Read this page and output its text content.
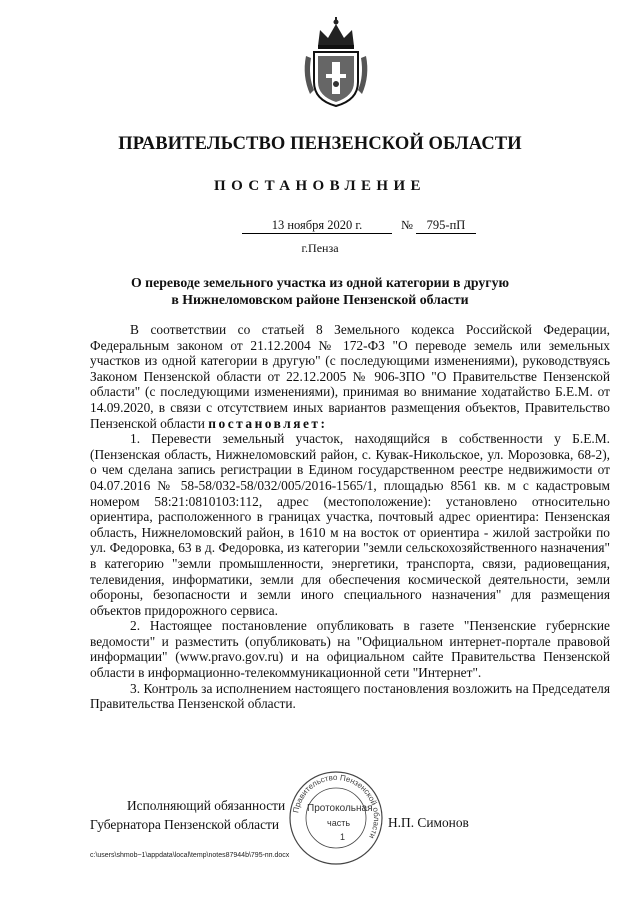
ПРАВИТЕЛЬСТВО ПЕНЗЕНСКОЙ ОБЛАСТИ
ПОСТАНОВЛЕНИЕ
13 ноября 2020 г.	№	795-пП
г.Пенза
О переводе земельного участка из одной категории в другую
в Нижнеломовском районе Пензенской области

В соответствии со статьей 8 Земельного кодекса Российской Федерации, Федеральным законом от 21.12.2004 № 172-ФЗ "О переводе земель или земельных участков из одной категории в другую" (с последующими изменениями), руководствуясь Законом Пензенской области от 22.12.2005 № 906-ЗПО "О Правительстве Пензенской области" (с последующими изменениями), принимая во внимание ходатайство Б.Е.М. от 14.09.2020, в связи с отсутствием иных вариантов размещения объектов, Правительство Пензенской области постановляет:

1. Перевести земельный участок, находящийся в собственности у Б.Е.М. (Пензенская область, Нижнеломовский район, с. Кувак-Никольское, ул. Морозовка, 68-2), о чем сделана запись регистрации в Едином государственном реестре недвижимости от 04.07.2016 № 58-58/032-58/032/005/2016-1565/1, площадью 8561 кв. м с кадастровым номером 58:21:0810103:112, адрес (местоположение): установлено относительно ориентира, расположенного в границах участка, почтовый адрес ориентира: Пензенская область, Нижнеломовский район, в 1610 м на восток от ориентира - жилой застройки по ул. Федоровка, 63 в д. Федоровка, из категории "земли сельскохозяйственного назначения" в категорию "земли промышленности, энергетики, транспорта, связи, радиовещания, телевидения, информатики, земли для обеспечения космической деятельности, земли обороны, безопасности и земли иного специального назначения" для размещения объектов придорожного сервиса.

2. Настоящее постановление опубликовать в газете "Пензенские губернские ведомости" и разместить (опубликовать) на "Официальном интернет-портале правовой информации" (www.pravo.gov.ru) и на официальном сайте Правительства Пензенской области в информационно-телекоммуникационной сети "Интернет".

3. Контроль за исполнением настоящего постановления возложить на Председателя Правительства Пензенской области.

Исполняющий обязанности
Губернатора Пензенской области	Н.П. Симонов
Правительство Пензенской области
Протокольная
часть
1
c:\users\shmob~1\appdata\local\temp\notes87944b\795-пп.docx
